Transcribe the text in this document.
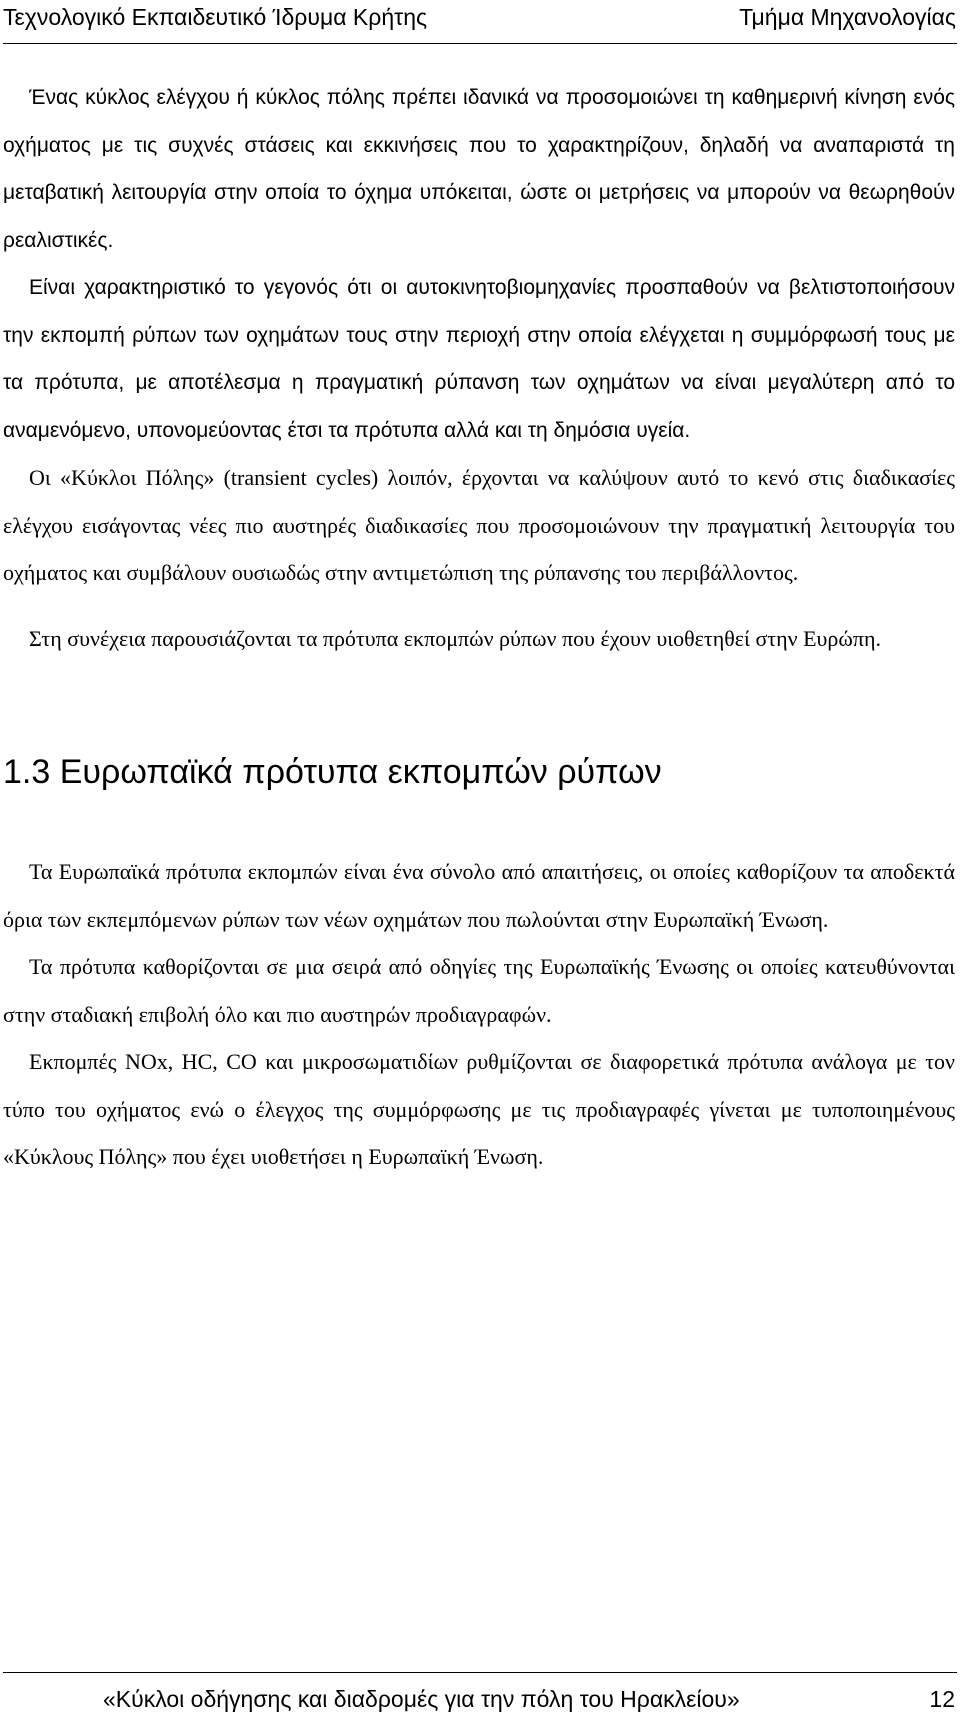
Τεχνολογικό Εκπαιδευτικό Ίδρυμα Κρήτης	Τμήμα Μηχανολογίας

Ένας κύκλος ελέγχου ή κύκλος πόλης πρέπει ιδανικά να προσομοιώνει τη καθημερινή κίνηση ενός οχήματος με τις συχνές στάσεις και εκκινήσεις που το χαρακτηρίζουν, δηλαδή να αναπαριστά τη μεταβατική λειτουργία στην οποία το όχημα υπόκειται, ώστε οι μετρήσεις να μπορούν να θεωρηθούν ρεαλιστικές.

Είναι χαρακτηριστικό το γεγονός ότι οι αυτοκινητοβιομηχανίες προσπαθούν να βελτιστοποιήσουν την εκπομπή ρύπων των οχημάτων τους στην περιοχή στην οποία ελέγχεται η συμμόρφωσή τους με τα πρότυπα, με αποτέλεσμα η πραγματική ρύπανση των οχημάτων να είναι μεγαλύτερη από το αναμενόμενο, υπονομεύοντας έτσι τα πρότυπα αλλά και τη δημόσια υγεία.

Οι «Κύκλοι Πόλης» (transient cycles) λοιπόν, έρχονται να καλύψουν αυτό το κενό στις διαδικασίες ελέγχου εισάγοντας νέες πιο αυστηρές διαδικασίες που προσομοιώνουν την πραγματική λειτουργία του οχήματος και συμβάλουν ουσιωδώς στην αντιμετώπιση της ρύπανσης του περιβάλλοντος.

Στη συνέχεια παρουσιάζονται τα πρότυπα εκπομπών ρύπων που έχουν υιοθετηθεί στην Ευρώπη.

1.3 Ευρωπαϊκά πρότυπα εκπομπών ρύπων

Τα Ευρωπαϊκά πρότυπα εκπομπών είναι ένα σύνολο από απαιτήσεις, οι οποίες καθορίζουν τα αποδεκτά όρια των εκπεμπόμενων ρύπων των νέων οχημάτων που πωλούνται στην Ευρωπαϊκή Ένωση.

Τα πρότυπα καθορίζονται σε μια σειρά από οδηγίες της Ευρωπαϊκής Ένωσης οι οποίες κατευθύνονται στην σταδιακή επιβολή όλο και πιο αυστηρών προδιαγραφών.

Εκπομπές NOx, HC, CO και μικροσωματιδίων ρυθμίζονται σε διαφορετικά πρότυπα ανάλογα με τον τύπο του οχήματος ενώ ο έλεγχος της συμμόρφωσης με τις προδιαγραφές γίνεται με τυποποιημένους «Κύκλους Πόλης» που έχει υιοθετήσει η Ευρωπαϊκή Ένωση.

«Κύκλοι οδήγησης και διαδρομές για την πόλη του Ηρακλείου»	12
